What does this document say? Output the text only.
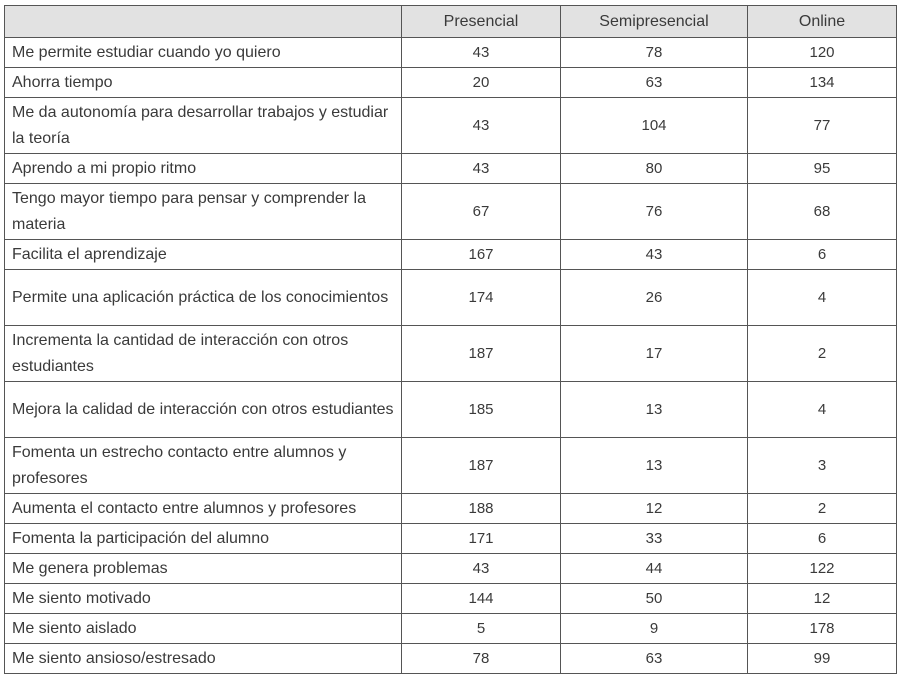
	Presencial	Semipresencial	Online
Me permite estudiar cuando yo quiero	43	78	120
Ahorra tiempo	20	63	134
Me da autonomía para desarrollar trabajos y estudiar la teoría	43	104	77
Aprendo a mi propio ritmo	43	80	95
Tengo mayor tiempo para pensar y comprender la materia	67	76	68
Facilita el aprendizaje	167	43	6
Permite una aplicación práctica de los conocimientos	174	26	4
Incrementa la cantidad de interacción con otros estudiantes	187	17	2
Mejora la calidad de interacción con otros estudiantes	185	13	4
Fomenta un estrecho contacto entre alumnos y profesores	187	13	3
Aumenta el contacto entre alumnos y profesores	188	12	2
Fomenta la participación del alumno	171	33	6
Me genera problemas	43	44	122
Me siento motivado	144	50	12
Me siento aislado	5	9	178
Me siento ansioso/estresado	78	63	99
